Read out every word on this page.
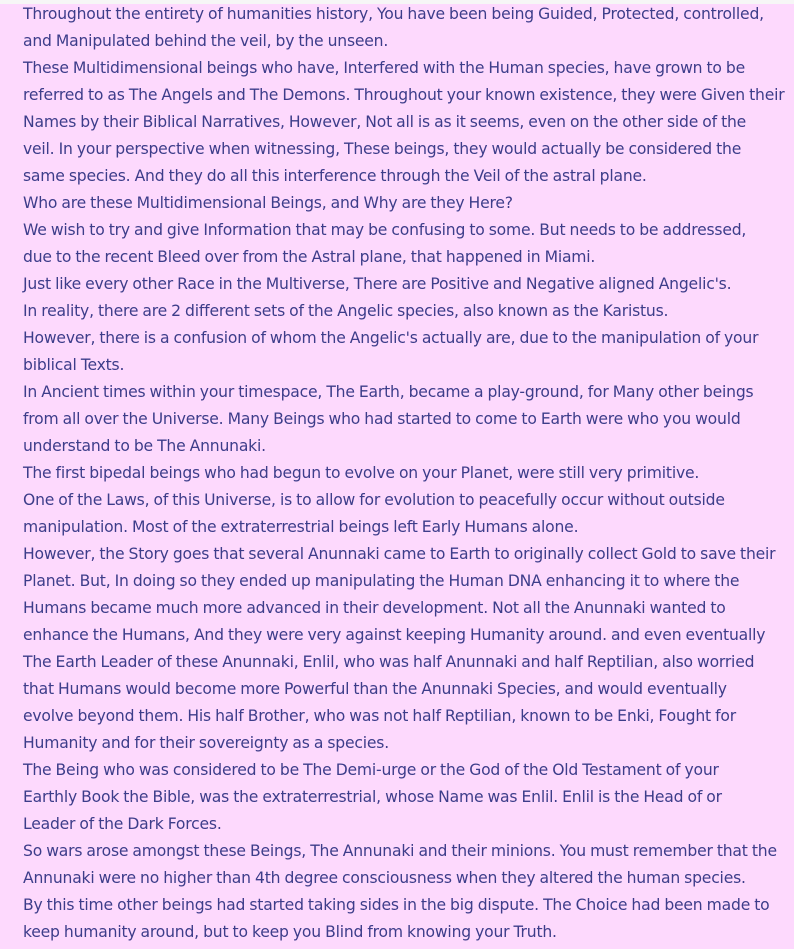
Throughout the entirety of humanities history, You have been being Guided, Protected, controlled,
and Manipulated behind the veil, by the unseen.
These Multidimensional beings who have, Interfered with the Human species, have grown to be
referred to as The Angels and The Demons. Throughout your known existence, they were Given their
Names by their Biblical Narratives, However, Not all is as it seems, even on the other side of the
veil. In your perspective when witnessing, These beings, they would actually be considered the
same species. And they do all this interference through the Veil of the astral plane.
Who are these Multidimensional Beings, and Why are they Here?
We wish to try and give Information that may be confusing to some. But needs to be addressed,
due to the recent Bleed over from the Astral plane, that happened in Miami.
Just like every other Race in the Multiverse, There are Positive and Negative aligned Angelic's.
In reality, there are 2 different sets of the Angelic species, also known as the Karistus.
However, there is a confusion of whom the Angelic's actually are, due to the manipulation of your
biblical Texts.
In Ancient times within your timespace, The Earth, became a play-ground, for Many other beings
from all over the Universe. Many Beings who had started to come to Earth were who you would
understand to be The Annunaki.
The first bipedal beings who had begun to evolve on your Planet, were still very primitive.
One of the Laws, of this Universe, is to allow for evolution to peacefully occur without outside
manipulation. Most of the extraterrestrial beings left Early Humans alone.
However, the Story goes that several Anunnaki came to Earth to originally collect Gold to save their
Planet. But, In doing so they ended up manipulating the Human DNA enhancing it to where the
Humans became much more advanced in their development. Not all the Anunnaki wanted to
enhance the Humans, And they were very against keeping Humanity around. and even eventually
The Earth Leader of these Anunnaki, Enlil, who was half Anunnaki and half Reptilian, also worried
that Humans would become more Powerful than the Anunnaki Species, and would eventually
evolve beyond them. His half Brother, who was not half Reptilian, known to be Enki, Fought for
Humanity and for their sovereignty as a species.
The Being who was considered to be The Demi-urge or the God of the Old Testament of your
Earthly Book the Bible, was the extraterrestrial, whose Name was Enlil. Enlil is the Head of or
Leader of the Dark Forces.
So wars arose amongst these Beings, The Annunaki and their minions. You must remember that the
Annunaki were no higher than 4th degree consciousness when they altered the human species.
By this time other beings had started taking sides in the big dispute. The Choice had been made to
keep humanity around, but to keep you Blind from knowing your Truth.
